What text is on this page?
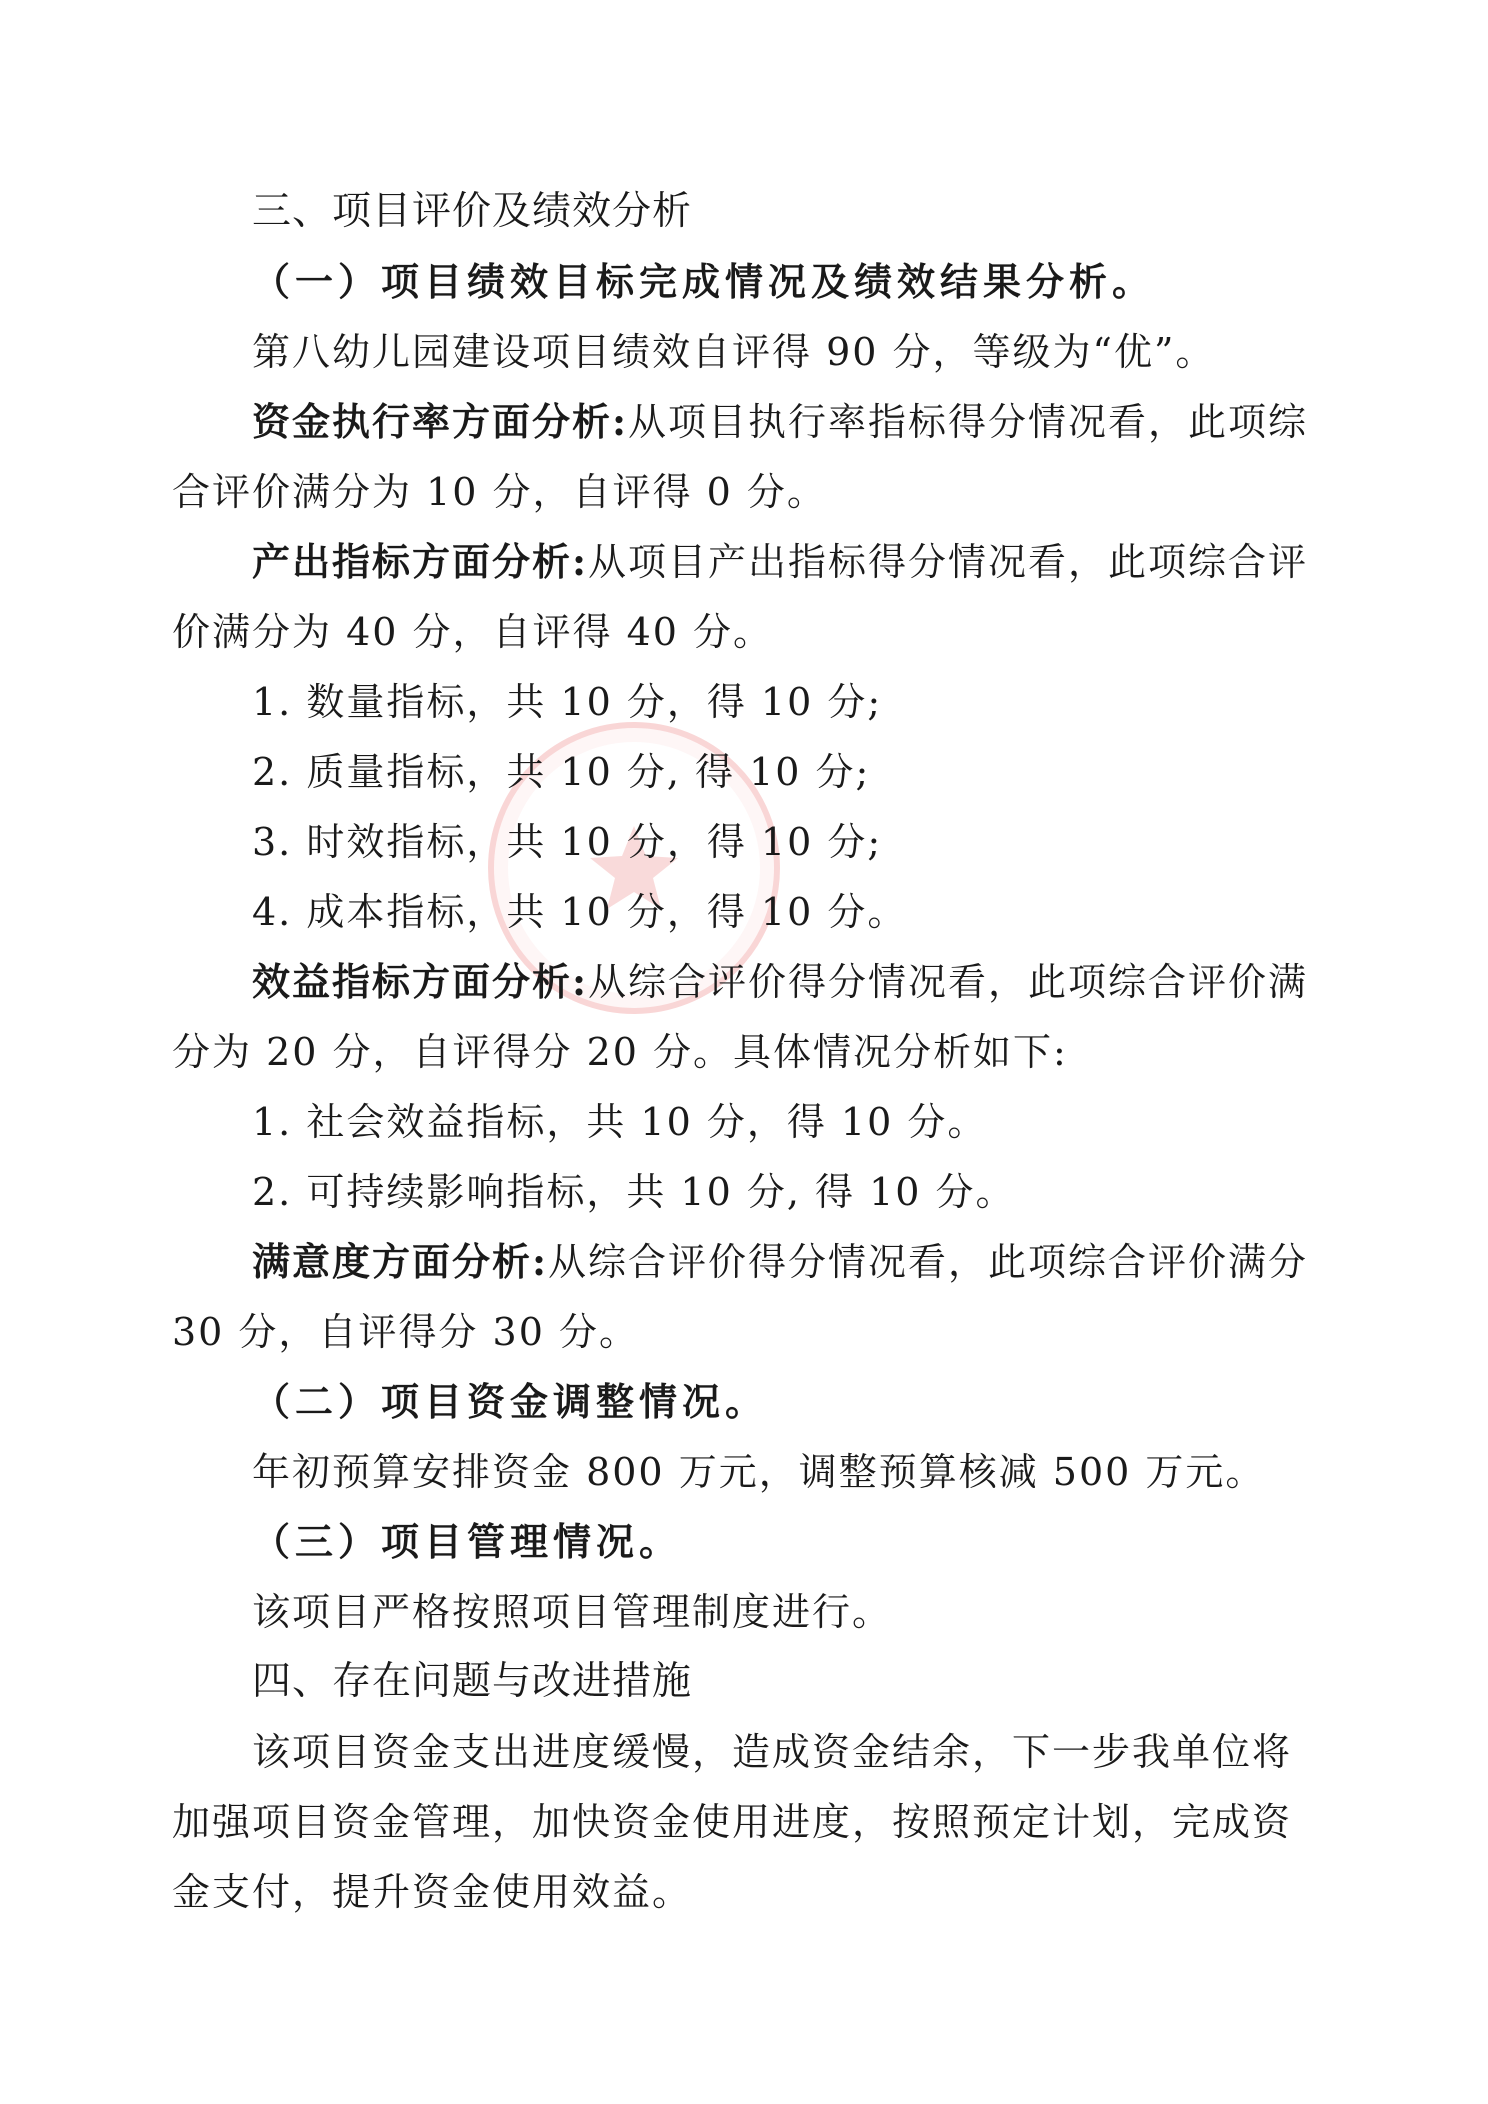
三、项目评价及绩效分析
（一）项目绩效目标完成情况及绩效结果分析。
第八幼儿园建设项目绩效自评得 90 分，等级为“优”。
资金执行率方面分析:从项目执行率指标得分情况看，此项综
合评价满分为 10 分，自评得 0 分。
产出指标方面分析:从项目产出指标得分情况看，此项综合评
价满分为 40 分，自评得 40 分。
1. 数量指标，共 10 分，得 10 分;
2. 质量指标，共 10 分, 得 10 分;
3. 时效指标，共 10 分，得 10 分;
4. 成本指标，共 10 分，得 10 分。
效益指标方面分析:从综合评价得分情况看，此项综合评价满
分为 20 分，自评得分 20 分。具体情况分析如下:
1. 社会效益指标，共 10 分，得 10 分。
2. 可持续影响指标，共 10 分, 得 10 分。
满意度方面分析:从综合评价得分情况看，此项综合评价满分
30 分，自评得分 30 分。
（二）项目资金调整情况。
年初预算安排资金 800 万元，调整预算核减 500 万元。
（三）项目管理情况。
该项目严格按照项目管理制度进行。
四、存在问题与改进措施
该项目资金支出进度缓慢，造成资金结余，下一步我单位将
加强项目资金管理，加快资金使用进度，按照预定计划，完成资
金支付，提升资金使用效益。
